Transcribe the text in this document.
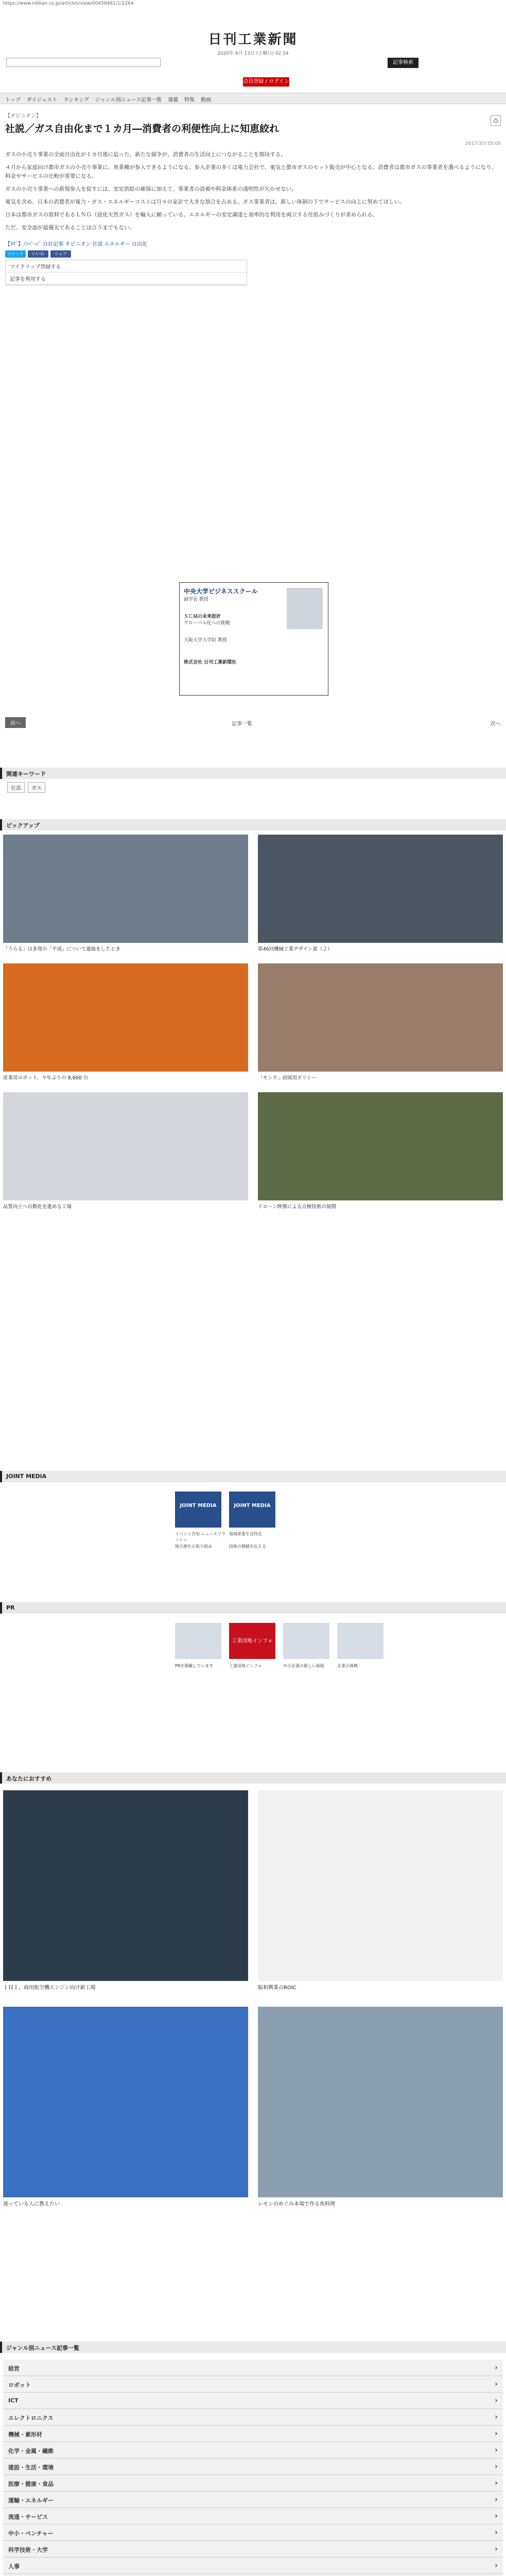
https://www.nikkan.co.jp/articles/view/00456481/1/2264
日刊工業新聞
2020年 6月 13日 (土曜日) 02:34
記事検索
会員登録 / ログイン
トップ ダイジェスト ランキング ジャンル別ニュース記事一覧 連載 特集 動画
【オピニオン】
社説／ガス自由化まで１カ月―消費者の利便性向上に知恵絞れ
⎙
2017/3/3 05:00

ガスの小売り事業の全面自由化が１カ月後に迫った。新たな競争が、消費者の生活向上につながることを期待する。

４月から家庭向け都市ガスの小売り事業に、異業種が参入できるようになる。参入企業の多くは電力会社で、電気と都市ガスのセット販売が中心となる。消費者は都市ガスの事業者を選べるようになり、料金やサービスの比較が重要になる。

ガスの小売り事業への新規参入を促すには、安定供給の確保に加えて、事業者の設備や料金体系の透明性が欠かせない。

電気を含め、日本の消費者が電力・ガス・エネルギーコストは月々の家計で大きな割合を占める。ガス事業者は、新しい体制の下でサービスの向上に努めてほしい。

日本は都市ガスの原料であるＬＮＧ（液化天然ガス）を輸入に頼っている。エネルギーの安定調達と効率的な利用を両立する仕組みづくりが求められる。

ただ、安全面が最優先であることは言うまでもない。

【ﾀｸﾞ】ﾉﾝﾍﾟｰｼﾞ 自社記事 オピニオン 社説 エネルギー 自由化
ツイート	いいね	シェア
マイクリップ登録する
記事を利用する
中央大学ビジネススクール
副学長 教授
ＳＣＭの未来設計
グローバル化への挑戦
大阪大学大学院 教授
株式会社 日刊工業新聞社
前へ	記事一覧	次へ
関連キーワード
社説	ガス
ピックアップ
「うらる」は多発の「平成」について連絡をしたとき	第46回機械工業デザイン賞（２）
産業用ロボット、９年ぶりの 8,600 台	「モンテ」初採用ポリシー
品質向上へ自動化を進める工場	ドローン映像による点検技術の展開
JOINT MEDIA
JOINT MEDIA
イベント告知 ニュースフラッシュ
JOINT MEDIA
地域産業を活性化
地方創生の取り組み	技術の価値を伝える
PR
PRを掲載しています
工業団地インフォ
工業団地インフォ	中小企業の新しい取組	企業の挑戦
あなたにおすすめ
ＩＨＩ、商用航空機エンジン向け新工場	阪和興業のROIC
迷っている人に教えたい	レモンのめぐみ本場で作る魚料理
ジャンル別ニュース記事一覧
経営 ›
ロボット ›
ICT ›
エレクトロニクス ›
機械・素形材 ›
化学・金属・繊維 ›
建設・生活・環境 ›
医療・健康・食品 ›
運輸・エネルギー ›
流通・サービス ›
中小・ベンチャー ›
科学技術・大学 ›
人事 ›
›
